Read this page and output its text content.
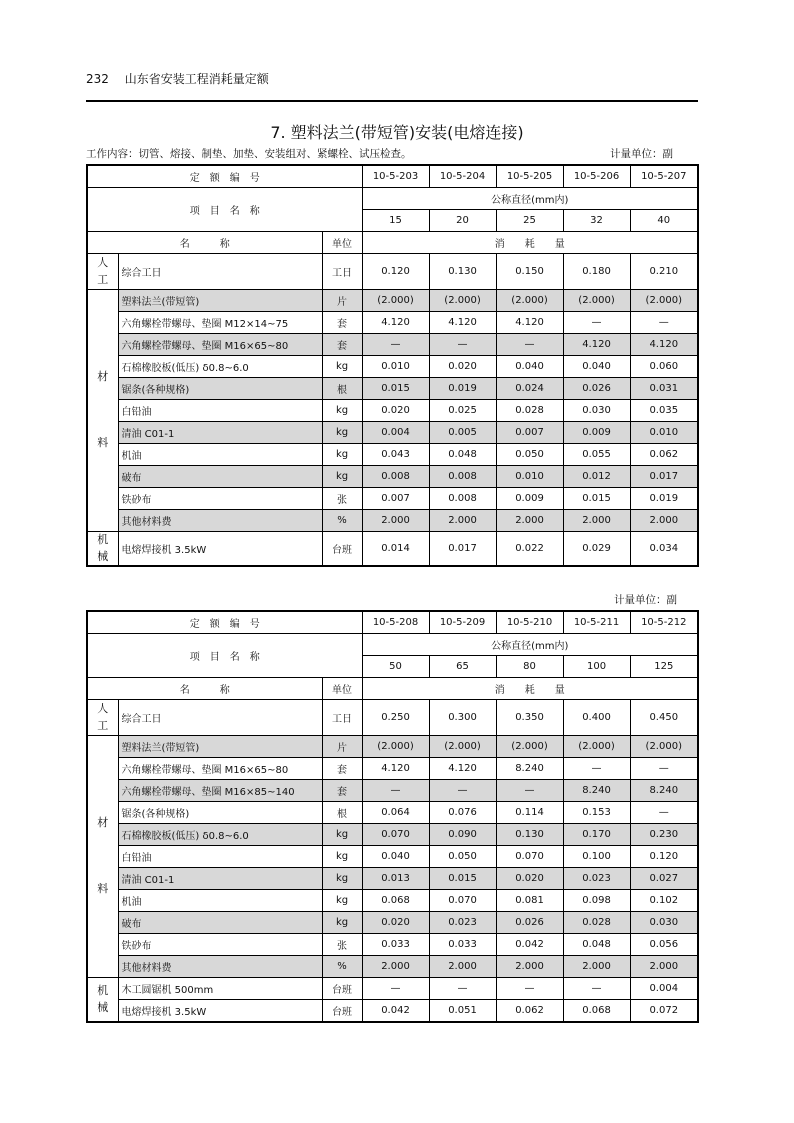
232 山东省安装工程消耗量定额
7. 塑料法兰(带短管)安装(电熔连接)
工作内容：切管、熔接、制垫、加垫、安装组对、紧螺栓、试压检查。	计量单位：副
计量单位：副
定　额　编　号			10-5-203	10-5-204	10-5-205	10-5-206	10-5-207
项　目　名　称			公称直径(mm内)				
			15	20	25	32	40
名　　　称		单位	消　　耗　　量				
人
工	综合工日	工日	0.120	0.130	0.150	0.180	0.210
材

料	塑料法兰(带短管)	片	(2.000)	(2.000)	(2.000)	(2.000)	(2.000)
	六角螺栓带螺母、垫圈 M12×14~75	套	4.120	4.120	4.120	—	—
	六角螺栓带螺母、垫圈 M16×65~80	套	—	—	—	4.120	4.120
	石棉橡胶板(低压) δ0.8~6.0	kg	0.010	0.020	0.040	0.040	0.060
	锯条(各种规格)	根	0.015	0.019	0.024	0.026	0.031
	白铅油	kg	0.020	0.025	0.028	0.030	0.035
	清油 C01-1	kg	0.004	0.005	0.007	0.009	0.010
	机油	kg	0.043	0.048	0.050	0.055	0.062
	破布	kg	0.008	0.008	0.010	0.012	0.017
	铁砂布	张	0.007	0.008	0.009	0.015	0.019
	其他材料费	%	2.000	2.000	2.000	2.000	2.000
机
械	电熔焊接机 3.5kW	台班	0.014	0.017	0.022	0.029	0.034
定　额　编　号			10-5-208	10-5-209	10-5-210	10-5-211	10-5-212
项　目　名　称			公称直径(mm内)				
			50	65	80	100	125
名　　　称		单位	消　　耗　　量				
人
工	综合工日	工日	0.250	0.300	0.350	0.400	0.450
材

料	塑料法兰(带短管)	片	(2.000)	(2.000)	(2.000)	(2.000)	(2.000)
	六角螺栓带螺母、垫圈 M16×65~80	套	4.120	4.120	8.240	—	—
	六角螺栓带螺母、垫圈 M16×85~140	套	—	—	—	8.240	8.240
	锯条(各种规格)	根	0.064	0.076	0.114	0.153	—
	石棉橡胶板(低压) δ0.8~6.0	kg	0.070	0.090	0.130	0.170	0.230
	白铅油	kg	0.040	0.050	0.070	0.100	0.120
	清油 C01-1	kg	0.013	0.015	0.020	0.023	0.027
	机油	kg	0.068	0.070	0.081	0.098	0.102
	破布	kg	0.020	0.023	0.026	0.028	0.030
	铁砂布	张	0.033	0.033	0.042	0.048	0.056
	其他材料费	%	2.000	2.000	2.000	2.000	2.000
机
械	木工圆锯机 500mm	台班	—	—	—	—	0.004
	电熔焊接机 3.5kW	台班	0.042	0.051	0.062	0.068	0.072
